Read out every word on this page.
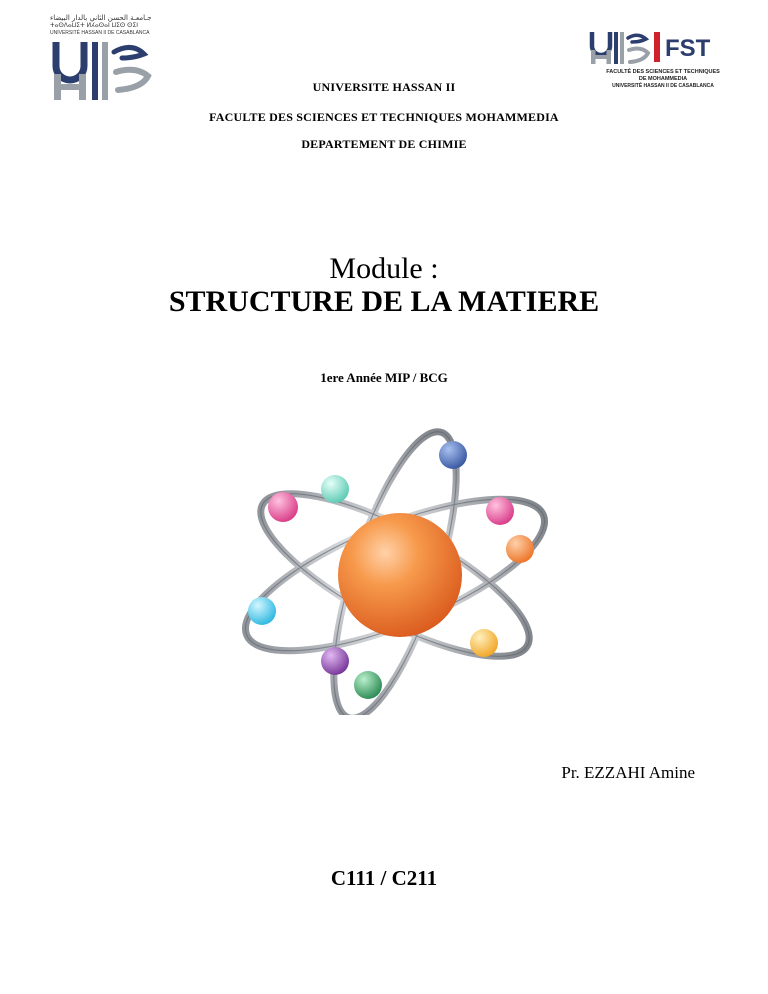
جـامعـة الحسن الثاني بالدار البيضاء
ⵜⴰⵙⴷⴰⵡⵉⵜ ⵍⵃⴰⵙⴰⵏ ⵡⵉⵙ ⵙⵉⵏ
UNIVERSITÉ HASSAN II DE CASABLANCA
FST
FACULTÉ DES SCIENCES ET TECHNIQUES
DE MOHAMMEDIA
UNIVERSITÉ HASSAN II DE CASABLANCA
UNIVERSITE HASSAN II
FACULTE DES SCIENCES ET TECHNIQUES MOHAMMEDIA
DEPARTEMENT DE CHIMIE
Module :
STRUCTURE DE LA MATIERE
1ere Année MIP / BCG
Pr. EZZAHI Amine
C111 / C211
